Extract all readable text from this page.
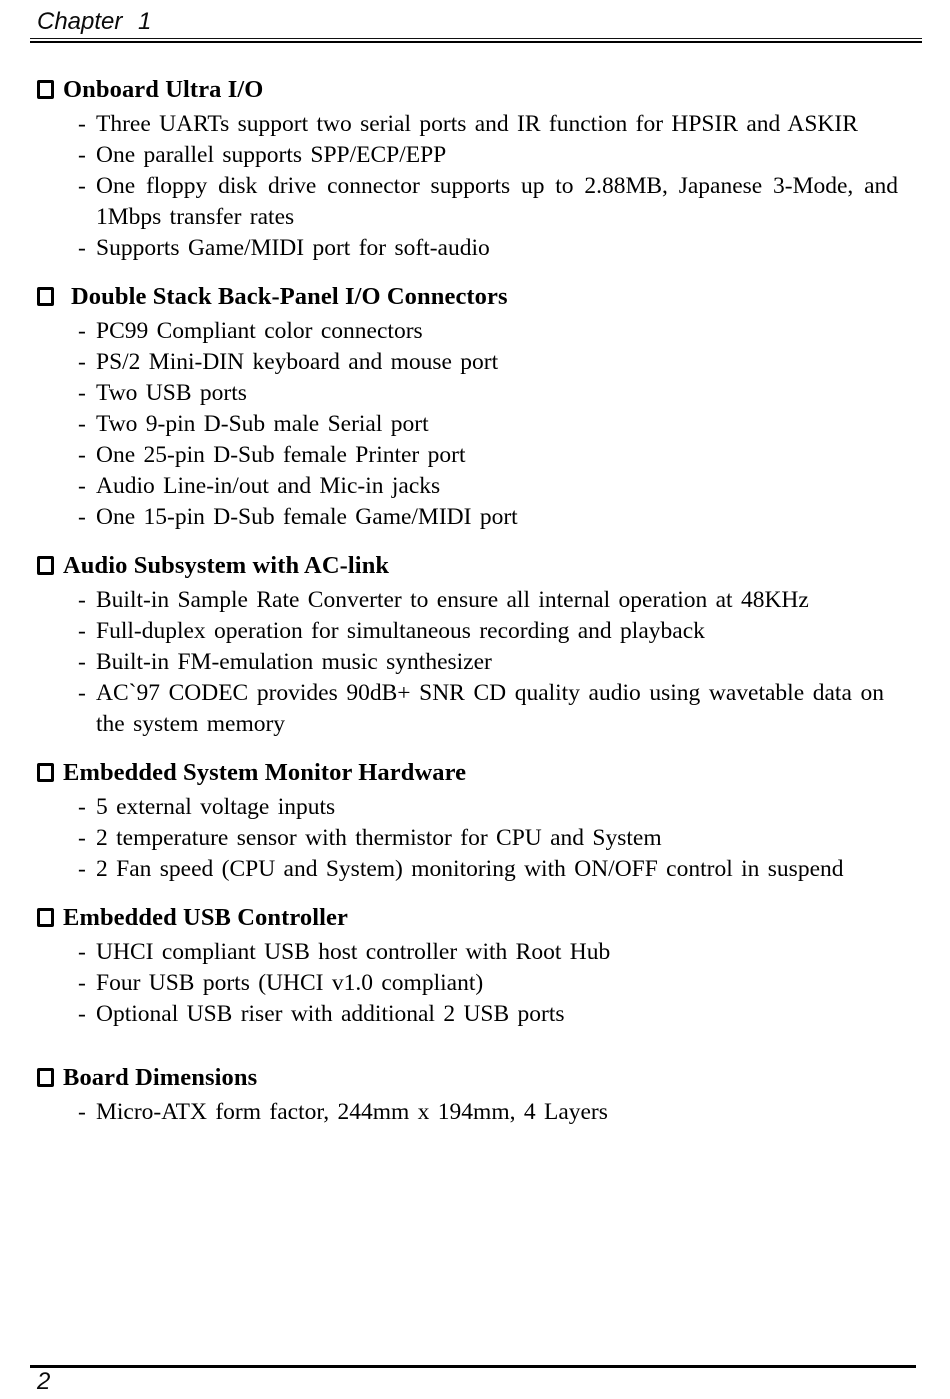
Chapter 1
Onboard Ultra I/O
- Three UARTs support two serial ports and IR function for HPSIR and ASKIR
- One parallel supports SPP/ECP/EPP
- One floppy disk drive connector supports up to 2.88MB, Japanese 3-Mode, and 1Mbps transfer rates
- Supports Game/MIDI port for soft-audio
Double Stack Back-Panel I/O Connectors
- PC99 Compliant color connectors
- PS/2 Mini-DIN keyboard and mouse port
- Two USB ports
- Two 9-pin D-Sub male Serial port
- One 25-pin D-Sub female Printer port
- Audio Line-in/out and Mic-in jacks
- One 15-pin D-Sub female Game/MIDI port
Audio Subsystem with AC-link
- Built-in Sample Rate Converter to ensure all internal operation at 48KHz
- Full-duplex operation for simultaneous recording and playback
- Built-in FM-emulation music synthesizer
- AC`97 CODEC provides 90dB+ SNR CD quality audio using wavetable data on the system memory
Embedded System Monitor Hardware
- 5 external voltage inputs
- 2 temperature sensor with thermistor for CPU and System
- 2 Fan speed (CPU and System) monitoring with ON/OFF control in suspend
Embedded USB Controller
- UHCI compliant USB host controller with Root Hub
- Four USB ports (UHCI v1.0 compliant)
- Optional USB riser with additional 2 USB ports
Board Dimensions
- Micro-ATX form factor, 244mm x 194mm, 4 Layers
2
